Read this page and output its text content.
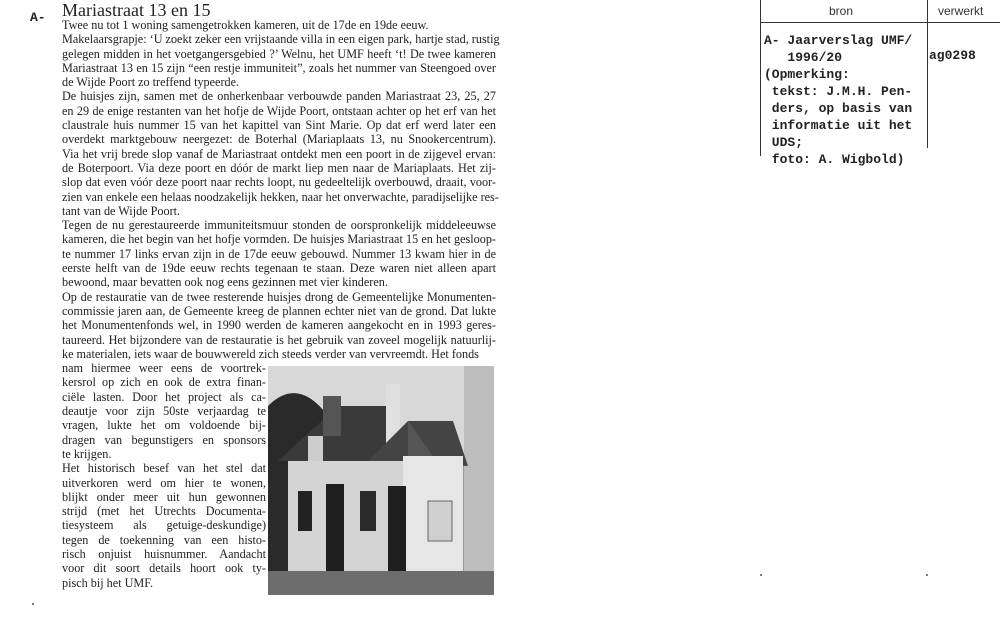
A- Mariastraat 13 en 15
Twee nu tot 1 woning samengetrokken kameren, uit de 17de en 19de eeuw.
Makelaarsgrapje: ‘U zoekt zeker een vrijstaande villa in een eigen park, hartje stad, rustig
gelegen midden in het voetgangersgebied ?’ Welnu, het UMF heeft ‘t! De twee kameren
Mariastraat 13 en 15 zijn “een restje immuniteit”, zoals het nummer van Steengoed over
de Wijde Poort zo treffend typeerde.
De huisjes zijn, samen met de onherkenbaar verbouwde panden Mariastraat 23, 25, 27
en 29 de enige restanten van het hofje de Wijde Poort, ontstaan achter op het erf van het
claustrale huis nummer 15 van het kapittel van Sint Marie. Op dat erf werd later een
overdekt marktgebouw neergezet: de Boterhal (Mariaplaats 13, nu Snookercentrum).
Via het vrij brede slop vanaf de Mariastraat ontdekt men een poort in de zijgevel ervan:
de Boterpoort. Via deze poort en dóór de markt liep men naar de Mariaplaats. Het zij-
slop dat even vóór deze poort naar rechts loopt, nu gedeeltelijk overbouwd, draait, voor-
zien van enkele een helaas noodzakelijk hekken, naar het onverwachte, paradijselijke res-
tant van de Wijde Poort.
Tegen de nu gerestaureerde immuniteitsmuur stonden de oorspronkelijk middeleeuwse
kameren, die het begin van het hofje vormden. De huisjes Mariastraat 15 en het gesloop-
te nummer 17 links ervan zijn in de 17de eeuw gebouwd. Nummer 13 kwam hier in de
eerste helft van de 19de eeuw rechts tegenaan te staan. Deze waren niet alleen apart
bewoond, maar bevatten ook nog eens gezinnen met vier kinderen.
Op de restauratie van de twee resterende huisjes drong de Gemeentelijke Monumenten-
commissie jaren aan, de Gemeente kreeg de plannen echter niet van de grond. Dat lukte
het Monumentenfonds wel, in 1990 werden de kameren aangekocht en in 1993 geres-
taureerd. Het bijzondere van de restauratie is het gebruik van zoveel mogelijk natuurlij-
ke materialen, iets waar de bouwwereld zich steeds verder van vervreemdt. Het fonds
nam hiermee weer eens de voortrek-
kersrol op zich en ook de extra finan-
ciële lasten. Door het project als ca-
deautje voor zijn 50ste verjaardag te
vragen, lukte het om voldoende bij-
dragen van begunstigers en sponsors
te krijgen.
Het historisch besef van het stel dat
uitverkoren werd om hier te wonen,
blijkt onder meer uit hun gewonnen
strijd (met het Utrechts Documenta-
tiesysteem als getuige-deskundige)
tegen de toekenning van een histo-
risch onjuist huisnummer. Aandacht
voor dit soort details hoort ook ty-
pisch bij het UMF.
bron	verwerkt
A- Jaarverslag UMF/
1996/20
(Opmerking:
tekst: J.M.H. Pen-
ders, op basis van
informatie uit het
UDS;
foto: A. Wigbold)
ag0298
